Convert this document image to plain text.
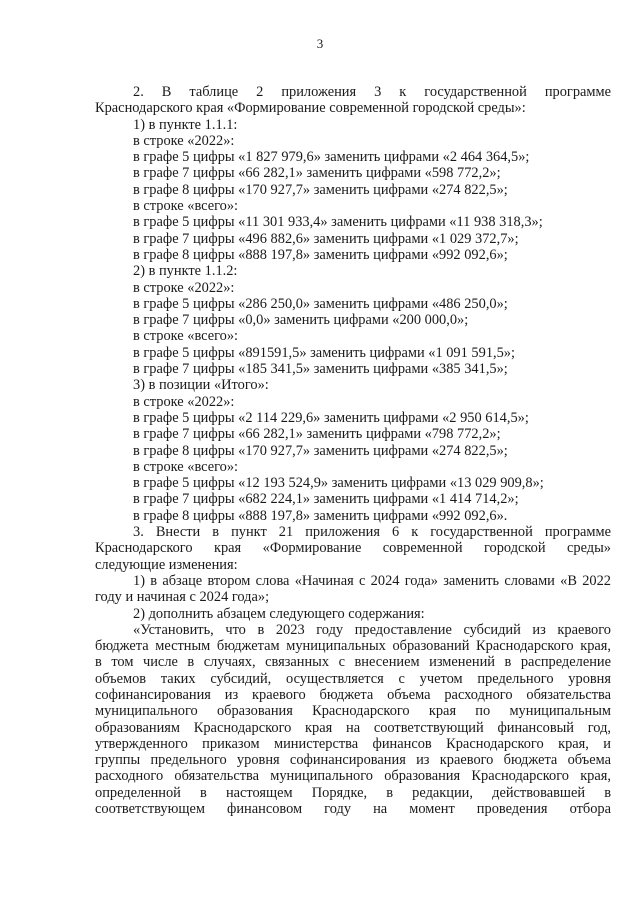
3
2. В таблице 2 приложения 3 к государственной программе
Краснодарского края «Формирование современной городской среды»:
1) в пункте 1.1.1:
в строке «2022»:
в графе 5 цифры «1 827 979,6» заменить цифрами «2 464 364,5»;
в графе 7 цифры «66 282,1» заменить цифрами «598 772,2»;
в графе 8 цифры «170 927,7» заменить цифрами «274 822,5»;
в строке «всего»:
в графе 5 цифры «11 301 933,4» заменить цифрами «11 938 318,3»;
в графе 7 цифры «496 882,6» заменить цифрами «1 029 372,7»;
в графе 8 цифры «888 197,8» заменить цифрами «992 092,6»;
2) в пункте 1.1.2:
в строке «2022»:
в графе 5 цифры «286 250,0» заменить цифрами «486 250,0»;
в графе 7 цифры «0,0» заменить цифрами «200 000,0»;
в строке «всего»:
в графе 5 цифры «891591,5» заменить цифрами «1 091 591,5»;
в графе 7 цифры «185 341,5» заменить цифрами «385 341,5»;
3) в позиции «Итого»:
в строке «2022»:
в графе 5 цифры «2 114 229,6» заменить цифрами «2 950 614,5»;
в графе 7 цифры «66 282,1» заменить цифрами «798 772,2»;
в графе 8 цифры «170 927,7» заменить цифрами «274 822,5»;
в строке «всего»:
в графе 5 цифры «12 193 524,9» заменить цифрами «13 029 909,8»;
в графе 7 цифры «682 224,1» заменить цифрами «1 414 714,2»;
в графе 8 цифры «888 197,8» заменить цифрами «992 092,6».
3. Внести в пункт 21 приложения 6 к государственной программе
Краснодарского края «Формирование современной городской среды»
следующие изменения:
1) в абзаце втором слова «Начиная с 2024 года» заменить словами «В 2022
году и начиная с 2024 года»;
2) дополнить абзацем следующего содержания:
«Установить, что в 2023 году предоставление субсидий из краевого
бюджета местным бюджетам муниципальных образований Краснодарского края,
в том числе в случаях, связанных с внесением изменений в распределение
объемов таких субсидий, осуществляется с учетом предельного уровня
софинансирования из краевого бюджета объема расходного обязательства
муниципального образования Краснодарского края по муниципальным
образованиям Краснодарского края на соответствующий финансовый год,
утвержденного приказом министерства финансов Краснодарского края, и
группы предельного уровня софинансирования из краевого бюджета объема
расходного обязательства муниципального образования Краснодарского края,
определенной в настоящем Порядке, в редакции, действовавшей в
соответствующем финансовом году на момент проведения отбора
